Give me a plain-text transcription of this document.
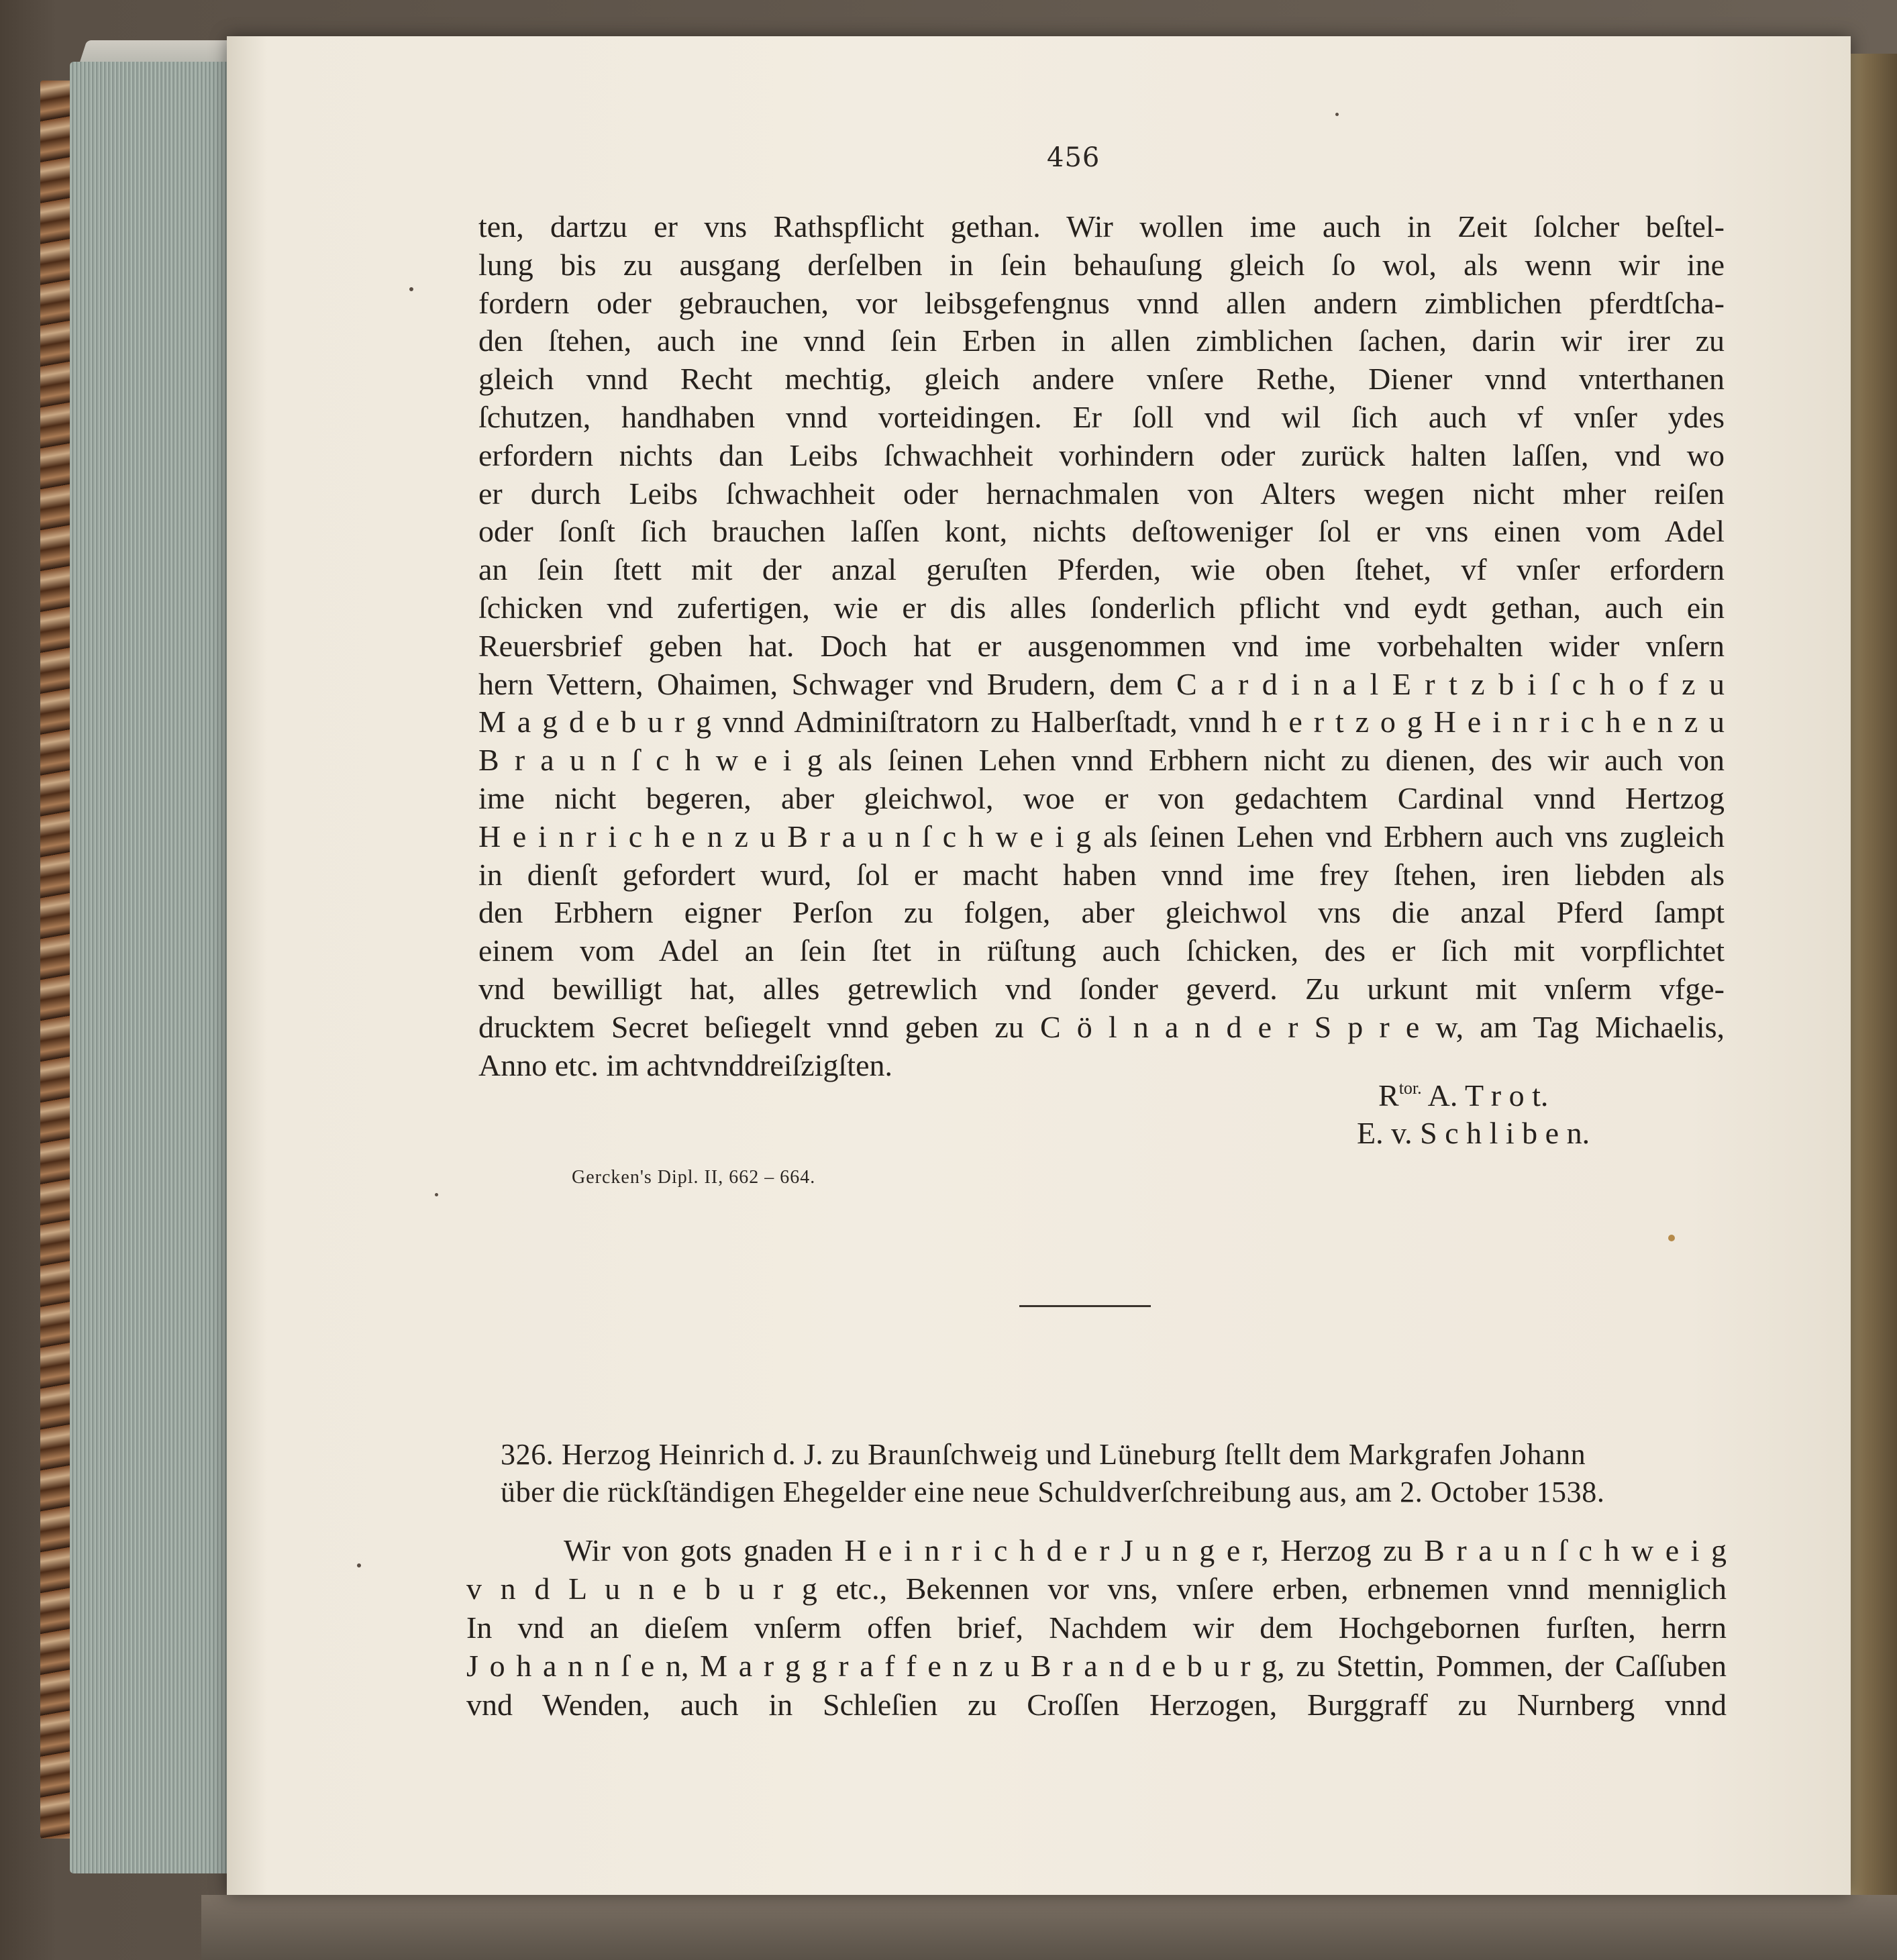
456
ten, dartzu er vns Rathspflicht gethan. Wir wollen ime auch in Zeit ſolcher beſtel-
lung bis zu ausgang derſelben in ſein behauſung gleich ſo wol, als wenn wir ine
fordern oder gebrauchen, vor leibsgefengnus vnnd allen andern zimblichen pferdtſcha-
den ſtehen, auch ine vnnd ſein Erben in allen zimblichen ſachen, darin wir irer zu
gleich vnnd Recht mechtig, gleich andere vnſere Rethe, Diener vnnd vnterthanen
ſchutzen, handhaben vnnd vorteidingen. Er ſoll vnd wil ſich auch vf vnſer ydes
erfordern nichts dan Leibs ſchwachheit vorhindern oder zurück halten laſſen, vnd wo
er durch Leibs ſchwachheit oder hernachmalen von Alters wegen nicht mher reiſen
oder ſonſt ſich brauchen laſſen kont, nichts deſtoweniger ſol er vns einen vom Adel
an ſein ſtett mit der anzal geruſten Pferden, wie oben ſtehet, vf vnſer erfordern
ſchicken vnd zufertigen, wie er dis alles ſonderlich pflicht vnd eydt gethan, auch ein
Reuersbrief geben hat. Doch hat er ausgenommen vnd ime vorbehalten wider vnſern
hern Vettern, Ohaimen, Schwager vnd Brudern, dem C a r d i n a l E r t z b i ſ c h o f z u
M a g d e b u r g vnnd Adminiſtratorn zu Halberſtadt, vnnd h e r t z o g H e i n r i c h e n z u
B r a u n ſ c h w e i g als ſeinen Lehen vnnd Erbhern nicht zu dienen, des wir auch von
ime nicht begeren, aber gleichwol, woe er von gedachtem Cardinal vnnd Hertzog
H e i n r i c h e n z u B r a u n ſ c h w e i g als ſeinen Lehen vnd Erbhern auch vns zugleich
in dienſt gefordert wurd, ſol er macht haben vnnd ime frey ſtehen, iren liebden als
den Erbhern eigner Perſon zu folgen, aber gleichwol vns die anzal Pferd ſampt
einem vom Adel an ſein ſtet in rüſtung auch ſchicken, des er ſich mit vorpflichtet
vnd bewilligt hat, alles getrewlich vnd ſonder geverd. Zu urkunt mit vnſerm vfge-
drucktem Secret beſiegelt vnnd geben zu C ö l n a n d e r S p r e w, am Tag Michaelis,
Anno etc. im achtvnddreiſzigſten.
$R^{tor.}$ A. T r o t.
E. v. S c h l i b e n.
Gercken's Dipl. II, 662 – 664.
326. Herzog Heinrich d. J. zu Braunſchweig und Lüneburg ſtellt dem Markgrafen Johann
über die rückſtändigen Ehegelder eine neue Schuldverſchreibung aus, am 2. October 1538.
Wir von gots gnaden H e i n r i c h d e r J u n g e r, Herzog zu B r a u n ſ c h w e i g
v n d L u n e b u r g etc., Bekennen vor vns, vnſere erben, erbnemen vnnd menniglich
In vnd an dieſem vnſerm offen brief, Nachdem wir dem Hochgebornen furſten, herrn
J o h a n n ſ e n, M a r g g r a f f e n z u B r a n d e b u r g, zu Stettin, Pommen, der Caſſuben
vnd Wenden, auch in Schleſien zu Croſſen Herzogen, Burggraff zu Nurnberg vnnd
